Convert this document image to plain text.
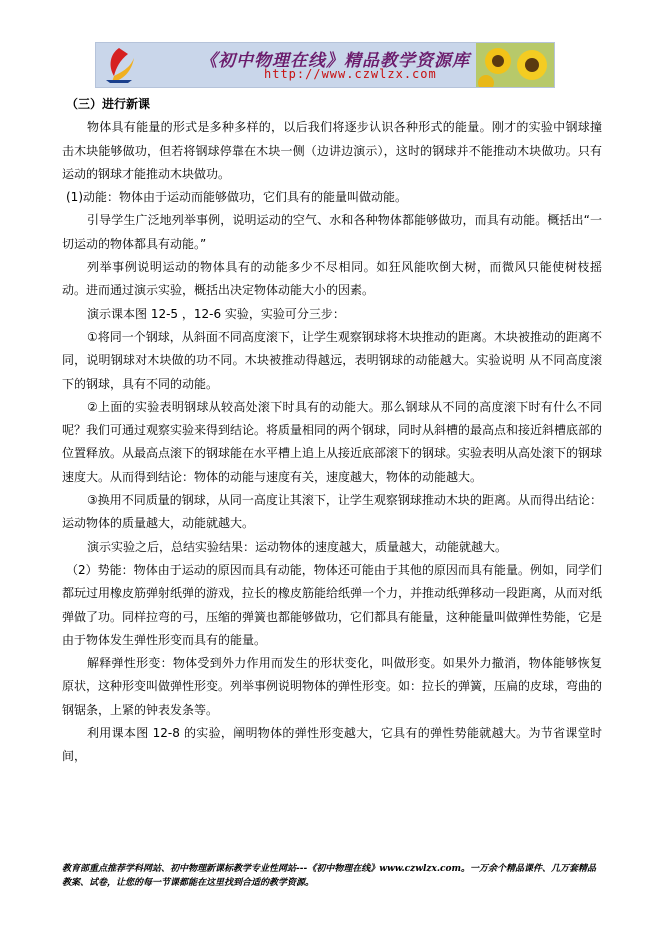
《初中物理在线》精品教学资源库
http://www.czwlzx.com

（三）进行新课

物体具有能量的形式是多种多样的，以后我们将逐步认识各种形式的能量。刚才的实验中钢球撞击木块能够做功，但若将钢球停靠在木块一侧（边讲边演示），这时的钢球并不能推动木块做功。只有运动的钢球才能推动木块做功。

(1)动能：物体由于运动而能够做功，它们具有的能量叫做动能。

引导学生广泛地列举事例，说明运动的空气、水和各种物体都能够做功，而具有动能。概括出“一切运动的物体都具有动能。”

列举事例说明运动的物体具有的动能多少不尽相同。如狂风能吹倒大树，而微风只能使树枝摇动。进而通过演示实验，概括出决定物体动能大小的因素。

演示课本图 12-5 ，12-6 实验，实验可分三步：

①将同一个钢球，从斜面不同高度滚下，让学生观察钢球将木块推动的距离。木块被推动的距离不同，说明钢球对木块做的功不同。木块被推动得越远，表明钢球的动能越大。实验说明 从不同高度滚下的钢球，具有不同的动能。

②上面的实验表明钢球从较高处滚下时具有的动能大。那么钢球从不同的高度滚下时有什么不同呢？我们可通过观察实验来得到结论。将质量相同的两个钢球，同时从斜槽的最高点和接近斜槽底部的位置释放。从最高点滚下的钢球能在水平槽上追上从接近底部滚下的钢球。实验表明从高处滚下的钢球速度大。从而得到结论：物体的动能与速度有关，速度越大，物体的动能越大。

③换用不同质量的钢球，从同一高度让其滚下，让学生观察钢球推动木块的距离。从而得出结论：运动物体的质量越大，动能就越大。

演示实验之后，总结实验结果：运动物体的速度越大，质量越大，动能就越大。

（2）势能：物体由于运动的原因而具有动能，物体还可能由于其他的原因而具有能量。例如，同学们都玩过用橡皮筋弹射纸弹的游戏，拉长的橡皮筋能给纸弹一个力，并推动纸弹移动一段距离，从而对纸弹做了功。同样拉弯的弓，压缩的弹簧也都能够做功，它们都具有能量，这种能量叫做弹性势能，它是由于物体发生弹性形变而具有的能量。

解释弹性形变：物体受到外力作用而发生的形状变化，叫做形变。如果外力撤消，物体能够恢复原状，这种形变叫做弹性形变。列举事例说明物体的弹性形变。如：拉长的弹簧，压扁的皮球，弯曲的钢锯条，上紧的钟表发条等。

利用课本图 12-8 的实验，阐明物体的弹性形变越大，它具有的弹性势能就越大。为节省课堂时间，

教育部重点推荐学科网站、初中物理新课标教学专业性网站---《初中物理在线》www.czwlzx.com。一万余个精品课件、几万套精品教案、试卷，让您的每一节课都能在这里找到合适的教学资源。
